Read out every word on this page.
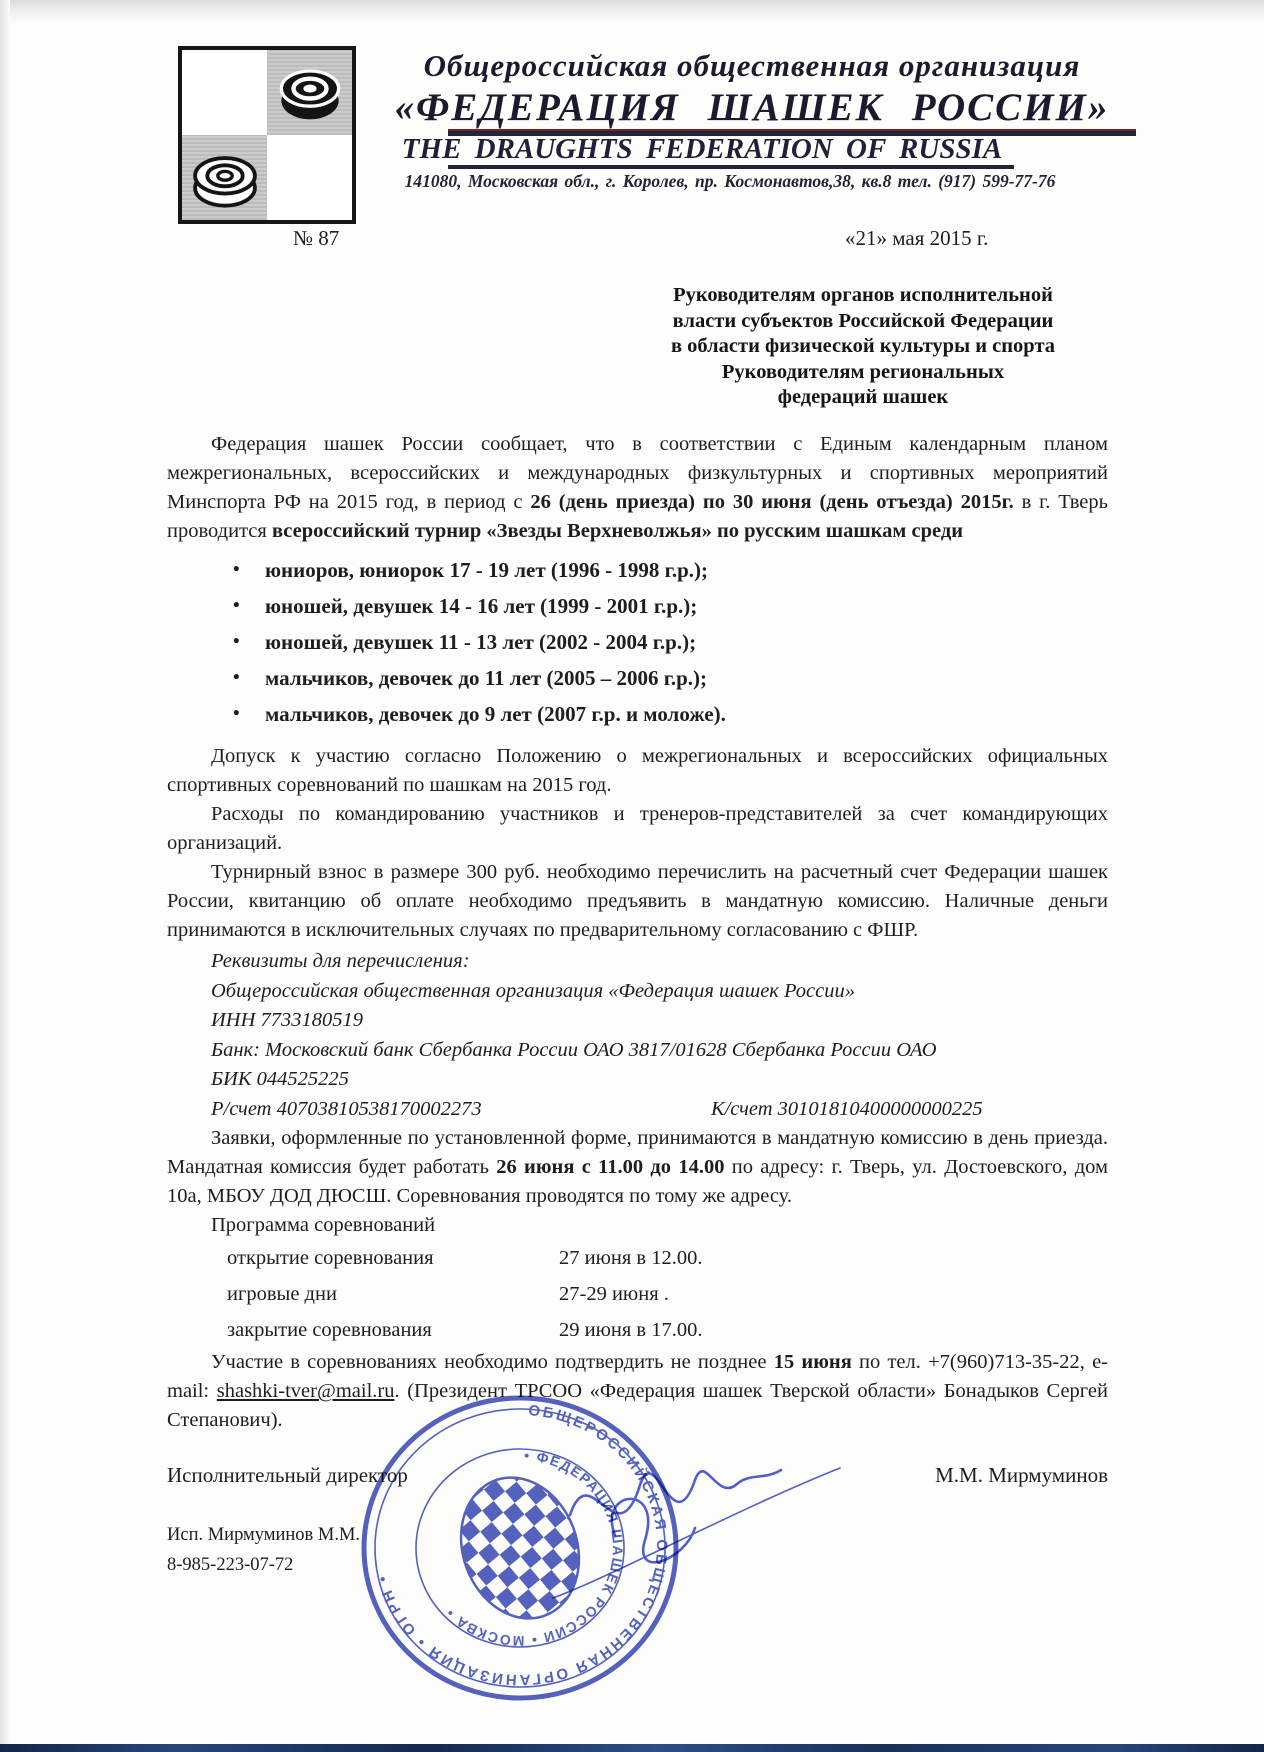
Общероссийская общественная организация
«ФЕДЕРАЦИЯ ШАШЕК РОССИИ»
THE DRAUGHTS FEDERATION OF RUSSIA
141080, Московская обл., г. Королев, пр. Космонавтов,38, кв.8 тел. (917) 599-77-76
№ 87	«21» мая 2015 г.
Руководителям органов исполнительной
власти субъектов Российской Федерации
в области физической культуры и спорта
Руководителям региональных
федераций шашек

Федерация шашек России сообщает, что в соответствии с Единым календарным планом межрегиональных, всероссийских и международных физкультурных и спортивных мероприятий Минспорта РФ на 2015 год, в период с 26 (день приезда) по 30 июня (день отъезда) 2015г. в г. Тверь проводится всероссийский турнир «Звезды Верхневолжья» по русским шашкам среди

•	юниоров, юниорок 17 - 19 лет (1996 - 1998 г.р.);
•	юношей, девушек 14 - 16 лет (1999 - 2001 г.р.);
•	юношей, девушек 11 - 13 лет (2002 - 2004 г.р.);
•	мальчиков, девочек до 11 лет (2005 – 2006 г.р.);
•	мальчиков, девочек до 9 лет (2007 г.р. и моложе).

Допуск к участию согласно Положению о межрегиональных и всероссийских официальных спортивных соревнований по шашкам на 2015 год.

Расходы по командированию участников и тренеров-представителей за счет командирующих организаций.

Турнирный взнос в размере 300 руб. необходимо перечислить на расчетный счет Федерации шашек России, квитанцию об оплате необходимо предъявить в мандатную комиссию. Наличные деньги принимаются в исключительных случаях по предварительному согласованию с ФШР.

Реквизиты для перечисления:
Общероссийская общественная организация «Федерация шашек России»
ИНН 7733180519
Банк: Московский банк Сбербанка России ОАО 3817/01628 Сбербанка России ОАО
БИК 044525225
Р/счет 40703810538170002273	К/счет 30101810400000000225

Заявки, оформленные по установленной форме, принимаются в мандатную комиссию в день приезда. Мандатная комиссия будет работать 26 июня с 11.00 до 14.00 по адресу: г. Тверь, ул. Достоевского, дом 10а, МБОУ ДОД ДЮСШ. Соревнования проводятся по тому же адресу.

Программа соревнований
открытие соревнования	27 июня в 12.00.
игровые дни	27-29 июня .
закрытие соревнования	29 июня в 17.00.

Участие в соревнованиях необходимо подтвердить не позднее 15 июня по тел. +7(960)713-35-22, e-mail: shashki-tver@mail.ru. (Президент ТРСОО «Федерация шашек Тверской области» Бонадыков Сергей Степанович).

Исполнительный директор	М.М. Мирмуминов
Исп. Мирмуминов М.М.
8-985-223-07-72
ОБЩЕРОССИЙСКАЯ ОБЩЕСТВЕННАЯ ОРГАНИЗАЦИЯ • ОГРН •
• ФЕДЕРАЦИЯ ШАШЕК РОССИИ • МОСКВА •
